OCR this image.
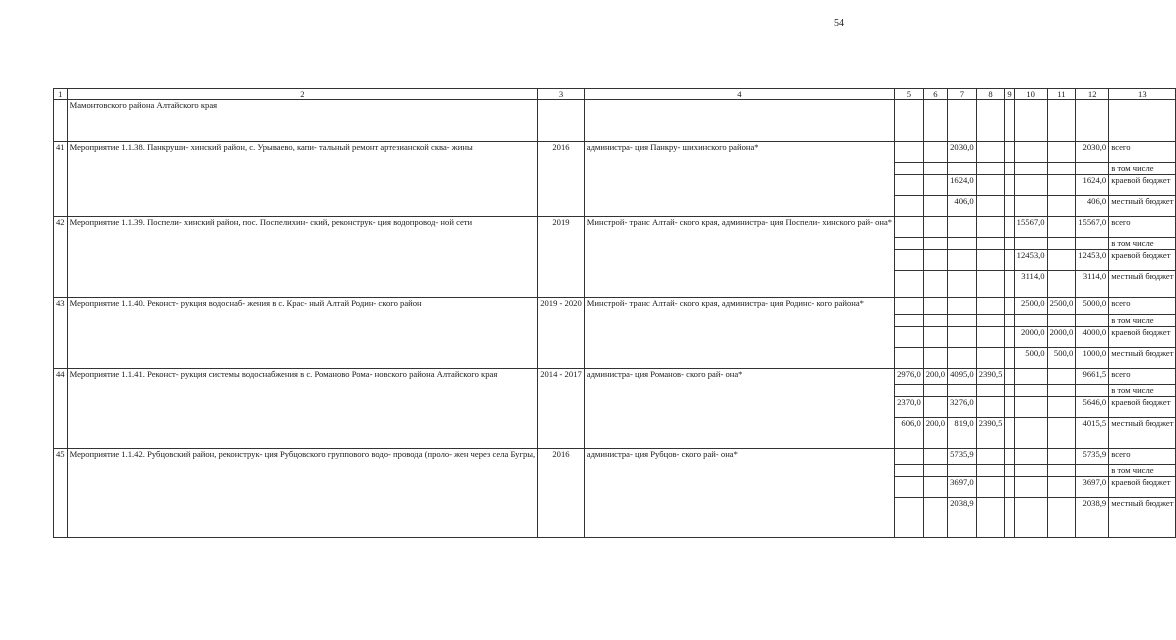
54
1	2	3	4	5	6	7	8	9	10	11	12	13
	Мамонтовского района Алтайского края											
41	Мероприятие 1.1.38. Панкруши- хинский район, с. Урываево, капи- тальный ремонт артезианской сква- жины	2016	администра- ция Панкру- шихинского района*			2030,0					2030,0	всего
												в том числе
						1624,0					1624,0	краевой бюджет
						406,0					406,0	местный бюджет
42	Мероприятие 1.1.39. Поспели- хинский район, пос. Поспелихин- ский, реконструк- ция водопровод- ной сети	2019	Минстрой- транс Алтай- ского края, администра- ция Поспели- хинского рай- она*						15567,0		15567,0	всего
												в том числе
									12453,0		12453,0	краевой бюджет
									3114,0		3114,0	местный бюджет
43	Мероприятие 1.1.40. Реконст- рукция водоснаб- жения в с. Крас- ный Алтай Родин- ского район	2019 - 2020	Минстрой- транс Алтай- ского края, администра- ция Родинс- кого района*						2500,0	2500,0	5000,0	всего
												в том числе
									2000,0	2000,0	4000,0	краевой бюджет
									500,0	500,0	1000,0	местный бюджет
44	Мероприятие 1.1.41. Реконст- рукция системы водоснабжения в с. Романово Рома- новского района Алтайского края	2014 - 2017	администра- ция Романов- ского рай- она*	2976,0	200,0	4095,0	2390,5				9661,5	всего
												в том числе
				2370,0		3276,0					5646,0	краевой бюджет
				606,0	200,0	819,0	2390,5				4015,5	местный бюджет
45	Мероприятие 1.1.42. Рубцовский район, реконструк- ция Рубцовского группового водо- провода (проло- жен через села Бугры,	2016	администра- ция Рубцов- ского рай- она*			5735,9					5735,9	всего
												в том числе
						3697,0					3697,0	краевой бюджет
						2038,9					2038,9	местный бюджет
